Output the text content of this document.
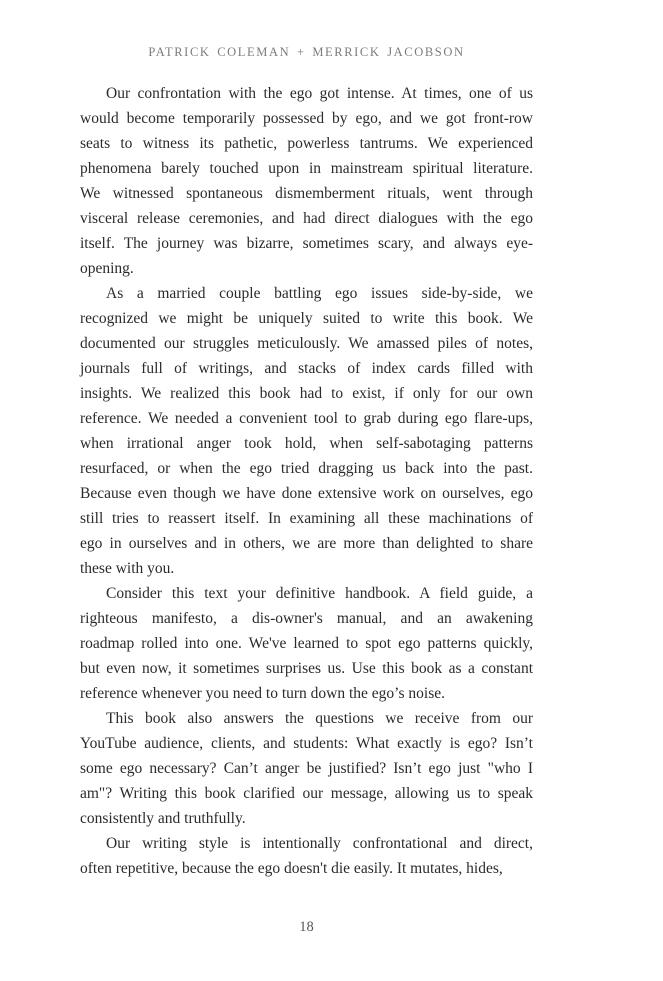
PATRICK COLEMAN + MERRICK JACOBSON
Our confrontation with the ego got intense. At times, one of us
would become temporarily possessed by ego, and we got front-row
seats to witness its pathetic, powerless tantrums. We experienced
phenomena barely touched upon in mainstream spiritual literature.
We witnessed spontaneous dismemberment rituals, went through
visceral release ceremonies, and had direct dialogues with the ego
itself. The journey was bizarre, sometimes scary, and always eye-
opening.
As a married couple battling ego issues side-by-side, we
recognized we might be uniquely suited to write this book. We
documented our struggles meticulously. We amassed piles of notes,
journals full of writings, and stacks of index cards filled with
insights. We realized this book had to exist, if only for our own
reference. We needed a convenient tool to grab during ego flare-ups,
when irrational anger took hold, when self-sabotaging patterns
resurfaced, or when the ego tried dragging us back into the past.
Because even though we have done extensive work on ourselves, ego
still tries to reassert itself. In examining all these machinations of
ego in ourselves and in others, we are more than delighted to share
these with you.
Consider this text your definitive handbook. A field guide, a
righteous manifesto, a dis-owner's manual, and an awakening
roadmap rolled into one. We've learned to spot ego patterns quickly,
but even now, it sometimes surprises us. Use this book as a constant
reference whenever you need to turn down the ego’s noise.
This book also answers the questions we receive from our
YouTube audience, clients, and students: What exactly is ego? Isn’t
some ego necessary? Can’t anger be justified? Isn’t ego just "who I
am"? Writing this book clarified our message, allowing us to speak
consistently and truthfully.
Our writing style is intentionally confrontational and direct,
often repetitive, because the ego doesn't die easily. It mutates, hides,
18
